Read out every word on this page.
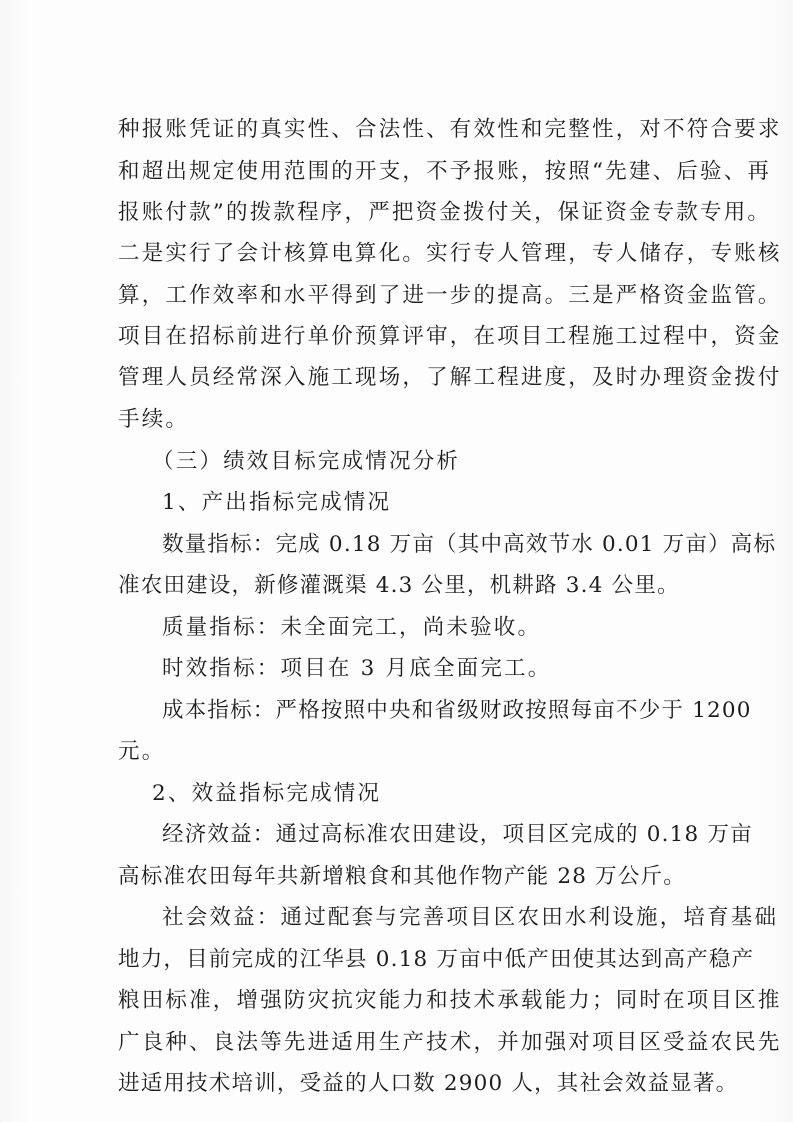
种报账凭证的真实性、合法性、有效性和完整性，对不符合要求
和超出规定使用范围的开支，不予报账，按照“先建、后验、再
报账付款”的拨款程序，严把资金拨付关，保证资金专款专用。
二是实行了会计核算电算化。实行专人管理，专人储存，专账核
算，工作效率和水平得到了进一步的提高。三是严格资金监管。
项目在招标前进行单价预算评审，在项目工程施工过程中，资金
管理人员经常深入施工现场，了解工程进度，及时办理资金拨付
手续。
（三）绩效目标完成情况分析
1、产出指标完成情况
数量指标：完成 0.18 万亩（其中高效节水 0.01 万亩）高标
准农田建设，新修灌溉渠 4.3 公里，机耕路 3.4 公里。
质量指标：未全面完工，尚未验收。
时效指标：项目在 3 月底全面完工。
成本指标：严格按照中央和省级财政按照每亩不少于 1200
元。
2、效益指标完成情况
经济效益：通过高标准农田建设，项目区完成的 0.18 万亩
高标准农田每年共新增粮食和其他作物产能 28 万公斤。
社会效益：通过配套与完善项目区农田水利设施，培育基础
地力，目前完成的江华县 0.18 万亩中低产田使其达到高产稳产
粮田标准，增强防灾抗灾能力和技术承载能力；同时在项目区推
广良种、良法等先进适用生产技术，并加强对项目区受益农民先
进适用技术培训，受益的人口数 2900 人，其社会效益显著。
